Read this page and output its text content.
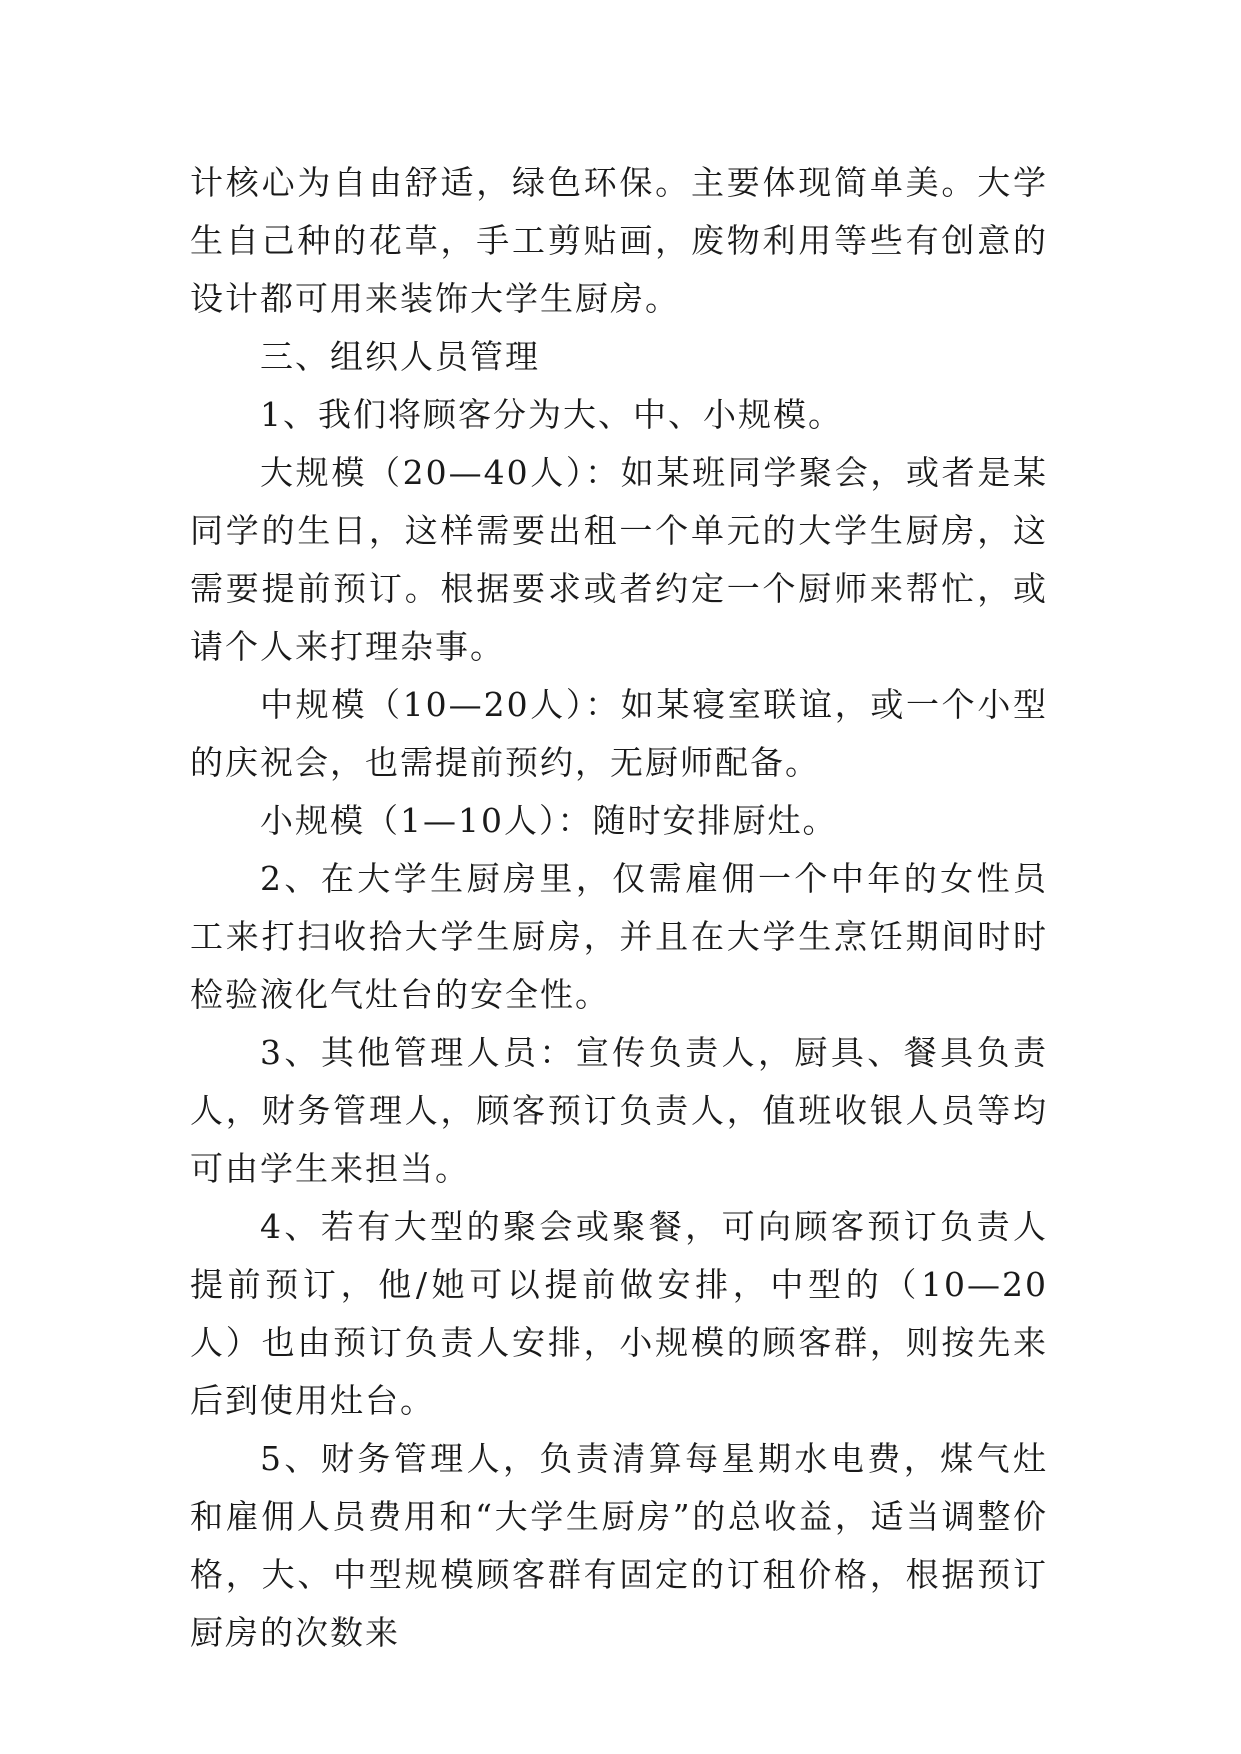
计核心为自由舒适，绿色环保。主要体现简单美。大学生自己种的花草，手工剪贴画，废物利用等些有创意的设计都可用来装饰大学生厨房。

三、组织人员管理

1、我们将顾客分为大、中、小规模。

大规模（20—40人）：如某班同学聚会，或者是某同学的生日，这样需要出租一个单元的大学生厨房，这需要提前预订。根据要求或者约定一个厨师来帮忙，或请个人来打理杂事。

中规模（10—20人）：如某寝室联谊，或一个小型的庆祝会，也需提前预约，无厨师配备。

小规模（1—10人）：随时安排厨灶。

2、在大学生厨房里，仅需雇佣一个中年的女性员工来打扫收拾大学生厨房，并且在大学生烹饪期间时时检验液化气灶台的安全性。

3、其他管理人员：宣传负责人，厨具、餐具负责人，财务管理人，顾客预订负责人，值班收银人员等均可由学生来担当。

4、若有大型的聚会或聚餐，可向顾客预订负责人提前预订，他/她可以提前做安排，中型的（10—20人）也由预订负责人安排，小规模的顾客群，则按先来后到使用灶台。

5、财务管理人，负责清算每星期水电费，煤气灶和雇佣人员费用和“大学生厨房”的总收益，适当调整价格，大、中型规模顾客群有固定的订租价格，根据预订厨房的次数来
